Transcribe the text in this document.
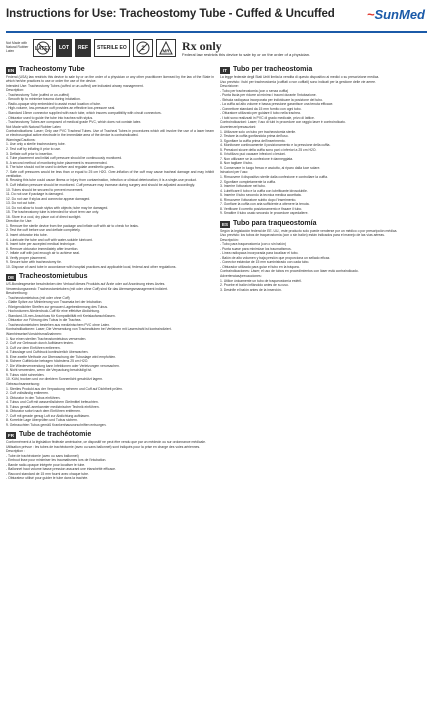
Instructions for Use: Tracheostomy Tube - Cuffed & Uncuffed ~SunMed
Not Made with Natural Rubber Latex	LATEX	LOT	REF	STERILE EO	2	MR Rx only
Federal law restricts this device to sale by or on the order of a physician.
EN Tracheostomy Tube

Federal (USA) law restricts this device to sale by or on the order of a physician or any other practitioner licensed by the law of the State in which he/she practices to use or order the use of the device.

Intended Use: Tracheostomy Tubes (cuffed or un-cuffed) are indicated airway management.

Description:

- Tracheostomy Tube (cuffed or un-cuffed)

- Smooth tip to minimize trauma during intubation.

- Radio-opaque strip embedded to assist exact location of tube.

- High-volume, low-pressure cuff provides an effective low-pressure seal.

- Standard 15mm connector supplied with each tube, which insures compatibility with circuit connectors.

- Obturator used to guide the tube into trachea with stylus.

- Tracheostomy Tubes are composed of medical grade PVC, which does not contain latex.

Not Made with Natural Rubber Latex

Contraindications: Laser; Only use PVC Tracheal Tubes. Use of Tracheal Tubes in procedures which will involve the use of a laser beam or electrosurgical active electrode in the immediate area of the device is contraindicated.

Warnings/Cautions:

1. Use only a sterile tracheostomy tube.

2. Test cuff by inflating it prior to use.

3. Deflate cuff prior to insertion.

4. Tube placement and initial cuff pressure should be continuously monitored.

5. A second method of monitoring tube placement is recommended.

6. The tube should not be used to deliver and regulate anesthetic gases.

7. Safe cuff pressures would be less than or equal to 25 cm H2O. Over-inflation of the cuff may cause tracheal damage and may inhibit ventilation.

8. Reusing this tube could cause illness or injury from contamination, infection or clinical deterioration; it is a single-use product.

9. Cuff inflation pressure should be monitored. Cuff pressure may increase during surgery and should be adjusted accordingly.

10. Tubes should be secured to prevent movement.

11. Do not use if package is damaged.

12. Do not use if stylus and connector appear damaged.

13. Do not cut tube.

14. Do not allow to touch stylus with objects; tube may be damaged.

15. The tracheostomy tube is intended for short term use only.

16. Store in a cool, dry place out of direct sunlight.

Direction for Use:

1. Remove the sterile device from the package and inflate cuff with air to check for leaks.

2. Test the cuff before use and deflate completely.

3. Insert obturator into tube.

4. Lubricate the tube and cuff with water-soluble lubricant.

5. Insert tube per accepted medical technique.

6. Remove obturator immediately after insertion.

7. Inflate cuff with just enough air to achieve seal.

8. Verify proper placement.

9. Secure tube with tracheostomy tie.

10. Dispose of used tube in accordance with hospital practices and applicable local, federal and other regulations.

DE Tracheostomietubus

US-Bundesgesetze beschränken den Verkauf dieses Produkts auf Ärzte oder auf Anordnung eines Arztes.

Verwendungszweck: Tracheostomietuben (mit oder ohne Cuff) sind für das Atemwegsmanagement indiziert.

Beschreibung:

- Tracheostomietubus (mit oder ohne Cuff)

- Glatte Spitze zur Minimierung von Traumata bei der Intubation.

- Röntgendichter Streifen zur genauen Lagebestimmung des Tubus.

- Hochvolumen-Niederdruck-Cuff für eine effektive Abdichtung.

- Standard-15-mm-Anschluss für Kompatibilität mit Kreislaufanschlüssen.

- Obturator zur Führung des Tubus in die Trachea.

- Tracheostomietuben bestehen aus medizinischem PVC ohne Latex.

Kontraindikationen: Laser; Die Verwendung von Trachealtuben bei Verfahren mit Laserstrahl ist kontraindiziert.

Warnhinweise/Vorsichtsmaßnahmen:

1. Nur einen sterilen Tracheostomietubus verwenden.

2. Cuff vor Gebrauch durch Aufblasen testen.

3. Cuff vor dem Einführen entleeren.

4. Tubuslage und Cuffdruck kontinuierlich überwachen.

5. Eine zweite Methode zur Überwachung der Tubuslage wird empfohlen.

6. Sichere Cuffdrücke betragen höchstens 25 cm H2O.

7. Die Wiederverwendung kann Infektionen oder Verletzungen verursachen.

8. Nicht verwenden, wenn die Verpackung beschädigt ist.

9. Tubus nicht schneiden.

10. Kühl, trocken und vor direktem Sonnenlicht geschützt lagern.

Gebrauchsanweisung:

1. Steriles Produkt aus der Verpackung nehmen und Cuff auf Dichtheit prüfen.

2. Cuff vollständig entleeren.

3. Obturator in den Tubus einführen.

4. Tubus und Cuff mit wasserlöslichem Gleitmittel befeuchten.

5. Tubus gemäß anerkannter medizinischer Technik einführen.

6. Obturator sofort nach dem Einführen entfernen.

7. Cuff mit gerade genug Luft zur Abdichtung aufblasen.

8. Korrekte Lage überprüfen und Tubus sichern.

9. Gebrauchten Tubus gemäß Krankenhausvorschriften entsorgen.

FR Tube de trachéotomie

Conformément à la législation fédérale américaine, ce dispositif ne peut être vendu que par un médecin ou sur ordonnance médicale.

Utilisation prévue : les tubes de trachéotomie (avec ou sans ballonnet) sont indiqués pour la prise en charge des voies aériennes.

Description :

- Tube de trachéotomie (avec ou sans ballonnet)

- Embout lisse pour minimiser les traumatismes lors de l'intubation.

- Bande radio-opaque intégrée pour localiser le tube.

- Ballonnet haut volume basse pression assurant une étanchéité efficace.

- Raccord standard de 15 mm fourni avec chaque tube.

- Obturateur utilisé pour guider le tube dans la trachée.

IT Tubo per tracheostomia

La legge federale degli Stati Uniti limita la vendita di questo dispositivo ai medici o su prescrizione medica.

Uso previsto: i tubi per tracheostomia (cuffiati o non cuffiati) sono indicati per la gestione delle vie aeree.

Descrizione:

- Tubo per tracheostomia (con o senza cuffia)

- Punta liscia per ridurre al minimo i traumi durante l'intubazione.

- Striscia radiopaca incorporata per individuare la posizione del tubo.

- La cuffia ad alto volume e bassa pressione garantisce una tenuta efficace.

- Connettore standard da 15 mm fornito con ogni tubo.

- Otturatore utilizzato per guidare il tubo nella trachea.

- I tubi sono realizzati in PVC di grado medicale, privo di lattice.

Controindicazioni: Laser; l'uso di tubi in procedure con raggio laser è controindicato.

Avvertenze/precauzioni:

1. Utilizzare solo un tubo per tracheostomia sterile.

2. Testare la cuffia gonfiandola prima dell'uso.

3. Sgonfiare la cuffia prima dell'inserimento.

4. Monitorare continuamente il posizionamento e la pressione della cuffia.

5. Pressioni sicure della cuffia sono pari o inferiori a 25 cm H2O.

6. Il riutilizzo può causare infezioni o lesioni.

7. Non utilizzare se la confezione è danneggiata.

8. Non tagliare il tubo.

9. Conservare in luogo fresco e asciutto, al riparo dalla luce solare.

Istruzioni per l'uso:

1. Rimuovere il dispositivo sterile dalla confezione e controllare la cuffia.

2. Sgonfiare completamente la cuffia.

3. Inserire l'otturatore nel tubo.

4. Lubrificare il tubo e la cuffia con lubrificante idrosolubile.

5. Inserire il tubo secondo la tecnica medica accettata.

6. Rimuovere l'otturatore subito dopo l'inserimento.

7. Gonfiare la cuffia con aria sufficiente a ottenere la tenuta.

8. Verificare il corretto posizionamento e fissare il tubo.

9. Smaltire il tubo usato secondo le procedure ospedaliere.

ES Tubo para traqueostomía

Según la legislación federal de EE. UU., este producto solo puede venderse por un médico o por prescripción médica.

Uso previsto: los tubos de traqueostomía (con o sin balón) están indicados para el manejo de las vías aéreas.

Descripción:

- Tubo para traqueostomía (con o sin balón)

- Punta suave para minimizar los traumatismos.

- Línea radiopaca incorporada para localizar el tubo.

- Balón de alto volumen y baja presión que proporciona un sellado eficaz.

- Conector estándar de 15 mm suministrado con cada tubo.

- Obturador utilizado para guiar el tubo en la tráquea.

Contraindicaciones: Láser; el uso de tubos en procedimientos con láser está contraindicado.

Advertencias/precauciones:

1. Utilice únicamente un tubo de traqueostomía estéril.

2. Pruebe el balón inflándolo antes de su uso.

3. Desinfle el balón antes de la inserción.
